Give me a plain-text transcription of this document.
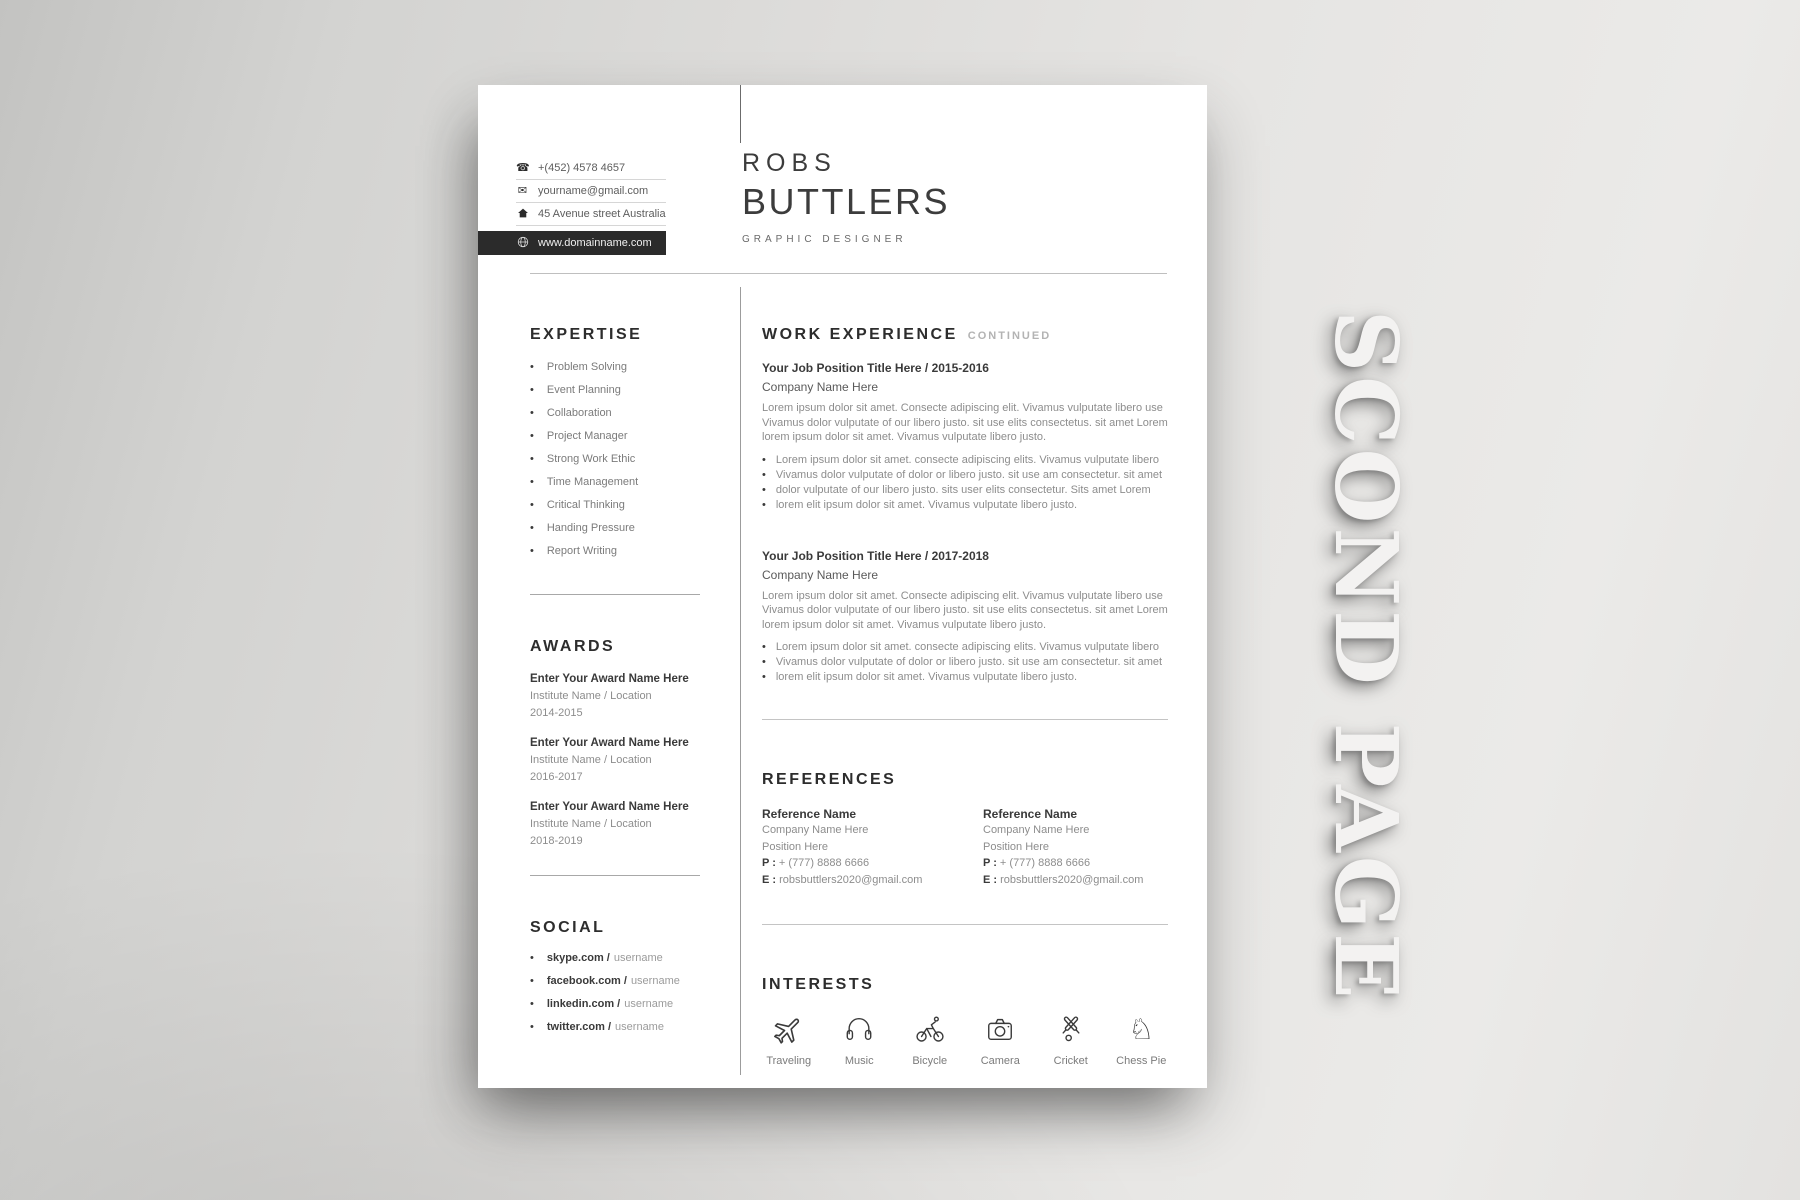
SCOND PAGE
☎ +(452) 4578 4657
✉ yourname@gmail.com
45 Avenue street Australia
www.domainname.com
ROBS
BUTTLERS
GRAPHIC DESIGNER
EXPERTISE
• Problem Solving
• Event Planning
• Collaboration
• Project Manager
• Strong Work Ethic
• Time Management
• Critical Thinking
• Handing Pressure
• Report Writing
AWARDS
Enter Your Award Name Here
Institute Name / Location
2014-2015
Enter Your Award Name Here
Institute Name / Location
2016-2017
Enter Your Award Name Here
Institute Name / Location
2018-2019
SOCIAL
• skype.com / username
• facebook.com / username
• linkedin.com / username
• twitter.com / username
WORK EXPERIENCE CONTINUED
Your Job Position Title Here / 2015-2016
Company Name Here
Lorem ipsum dolor sit amet. Consecte adipiscing elit. Vivamus vulputate libero use Vivamus dolor vulputate of our libero justo. sit use elits consectetus. sit amet Lorem lorem ipsum dolor sit amet. Vivamus vulputate libero justo.
• Lorem ipsum dolor sit amet. consecte adipiscing elits. Vivamus vulputate libero
• Vivamus dolor vulputate of dolor or libero justo. sit use am consectetur. sit amet
• dolor vulputate of our libero justo. sits user elits consectetur. Sits amet Lorem
• lorem elit ipsum dolor sit amet. Vivamus vulputate libero justo.
Your Job Position Title Here / 2017-2018
Company Name Here
Lorem ipsum dolor sit amet. Consecte adipiscing elit. Vivamus vulputate libero use Vivamus dolor vulputate of our libero justo. sit use elits consectetus. sit amet Lorem lorem ipsum dolor sit amet. Vivamus vulputate libero justo.
• Lorem ipsum dolor sit amet. consecte adipiscing elits. Vivamus vulputate libero
• Vivamus dolor vulputate of dolor or libero justo. sit use am consectetur. sit amet
• lorem elit ipsum dolor sit amet. Vivamus vulputate libero justo.
REFERENCES
Reference Name
Company Name Here
Position Here
P : + (777) 8888 6666
E : robsbuttlers2020@gmail.com
Reference Name
Company Name Here
Position Here
P : + (777) 8888 6666
E : robsbuttlers2020@gmail.com
INTERESTS
Traveling	Music	Bicycle	Camera	Cricket
♘
Chess Pie
